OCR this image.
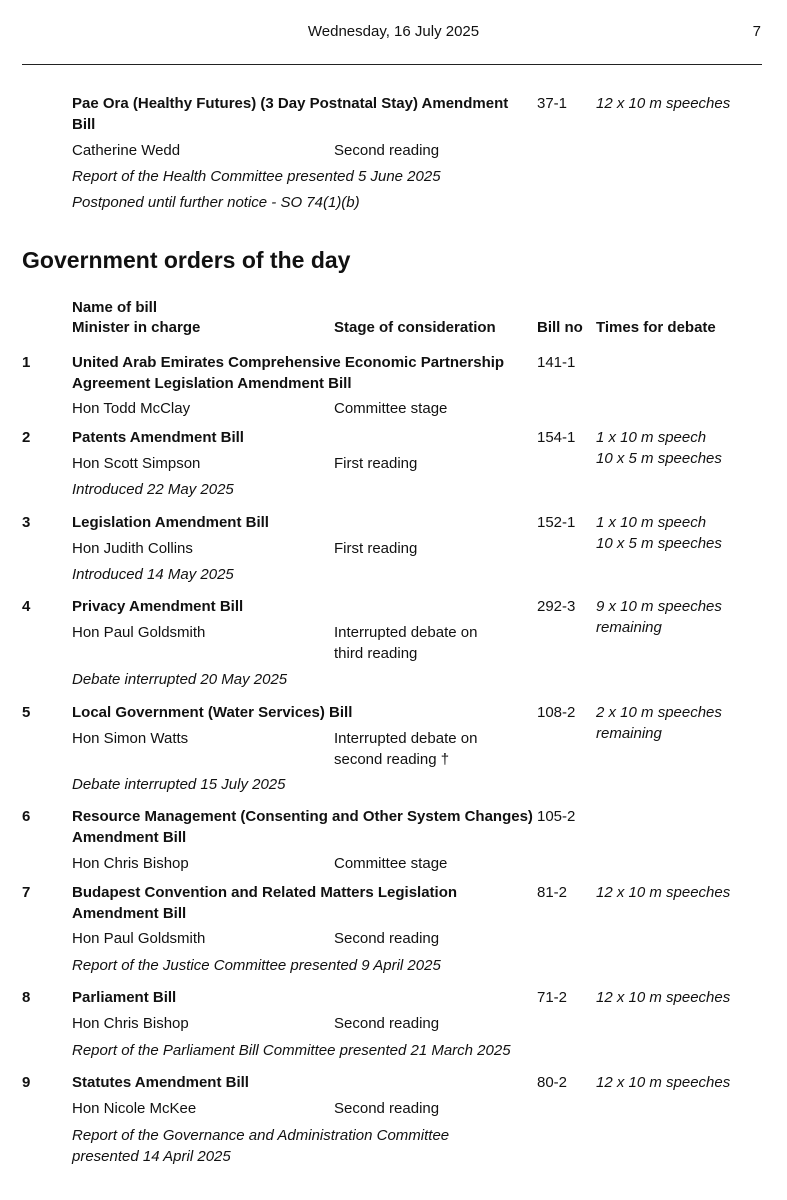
Wednesday, 16 July 2025	7
Pae Ora (Healthy Futures) (3 Day Postnatal Stay) Amendment
Bill
37-1 12 x 10 m speeches
Catherine Wedd	Second reading
Report of the Health Committee presented 5 June 2025
Postponed until further notice - SO 74(1)(b)
Government orders of the day
Name of bill
Minister in charge	Stage of consideration	Bill no Times for debate
1	United Arab Emirates Comprehensive Economic Partnership
Agreement Legislation Amendment Bill
141-1
Hon Todd McClay	Committee stage
2	Patents Amendment Bill	154-1 1 x 10 m speech
10 x 5 m speeches
Hon Scott Simpson	First reading
Introduced 22 May 2025
3	Legislation Amendment Bill	152-1 1 x 10 m speech
10 x 5 m speeches
Hon Judith Collins	First reading
Introduced 14 May 2025
4	Privacy Amendment Bill	292-3 9 x 10 m speeches
remaining
Hon Paul Goldsmith	Interrupted debate on
third reading
Debate interrupted 20 May 2025
5	Local Government (Water Services) Bill	108-2 2 x 10 m speeches
remaining
Hon Simon Watts	Interrupted debate on
second reading †
Debate interrupted 15 July 2025
6	Resource Management (Consenting and Other System Changes)
Amendment Bill
105-2
Hon Chris Bishop	Committee stage
7	Budapest Convention and Related Matters Legislation
Amendment Bill
81-2 12 x 10 m speeches
Hon Paul Goldsmith	Second reading
Report of the Justice Committee presented 9 April 2025
8	Parliament Bill	71-2 12 x 10 m speeches
Hon Chris Bishop	Second reading
Report of the Parliament Bill Committee presented 21 March 2025
9	Statutes Amendment Bill	80-2 12 x 10 m speeches
Hon Nicole McKee	Second reading
Report of the Governance and Administration Committee
presented 14 April 2025
